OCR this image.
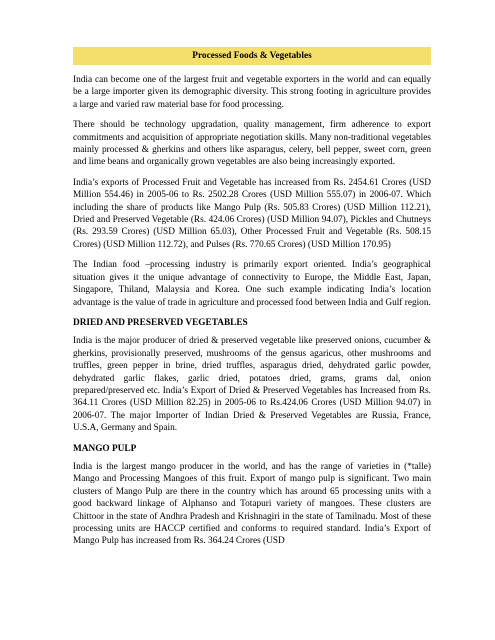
Processed Foods & Vegetables

India can become one of the largest fruit and vegetable exporters in the world and can equally be a large importer given its demographic diversity. This strong footing in agriculture provides a large and varied raw material base for food processing.

There should be technology upgradation, quality management, firm adherence to export commitments and acquisition of appropriate negotiation skills. Many non-traditional vegetables mainly processed & gherkins and others like asparagus, celery, bell pepper, sweet corn, green and lime beans and organically grown vegetables are also being increasingly exported.

India’s exports of Processed Fruit and Vegetable has increased from Rs. 2454.61 Crores (USD Million 554.46) in 2005-06 to Rs. 2502.28 Crores (USD Million 555.07) in 2006-07. Which including the share of products like Mango Pulp (Rs. 505.83 Crores) (USD Million 112.21), Dried and Preserved Vegetable (Rs. 424.06 Crores) (USD Million 94.07), Pickles and Chutneys (Rs. 293.59 Crores) (USD Million 65.03), Other Processed Fruit and Vegetable (Rs. 508.15 Crores) (USD Million 112.72), and Pulses (Rs. 770.65 Crores) (USD Million 170.95)

The Indian food –processing industry is primarily export oriented. India’s geographical situation gives it the unique advantage of connectivity to Europe, the Middle East, Japan, Singapore, Thiland, Malaysia and Korea. One such example indicating India’s location advantage is the value of trade in agriculture and processed food between India and Gulf region.

DRIED AND PRESERVED VEGETABLES

India is the major producer of dried & preserved vegetable like preserved onions, cucumber & gherkins, provisionally preserved, mushrooms of the gensus agaricus, other mushrooms and truffles, green pepper in brine, dried truffles, asparagus dried, dehydrated garlic powder, dehydrated garlic flakes, garlic dried, potatoes dried, grams, grams dal, onion prepared/preserved etc. India’s Export of Dried & Preserved Vegetables has Increased from Rs. 364.11 Crores (USD Million 82.25) in 2005-06 to Rs.424.06 Crores (USD Million 94.07) in 2006-07. The major Importer of Indian Dried & Preserved Vegetables are Russia, France, U.S.A, Germany and Spain.

MANGO PULP

India is the largest mango producer in the world, and has the range of varieties in (*talle) Mango and Processing Mangoes of this fruit. Export of mango pulp is significant. Two main clusters of Mango Pulp are there in the country which has around 65 processing units with a good backward linkage of Alphanso and Totapuri variety of mangoes. These clusters are Chittoor in the state of Andhra Pradesh and Krishnagiri in the state of Tamilnadu. Most of these processing units are HACCP certified and conforms to required standard. India’s Export of Mango Pulp has increased from Rs. 364.24 Crores (USD
